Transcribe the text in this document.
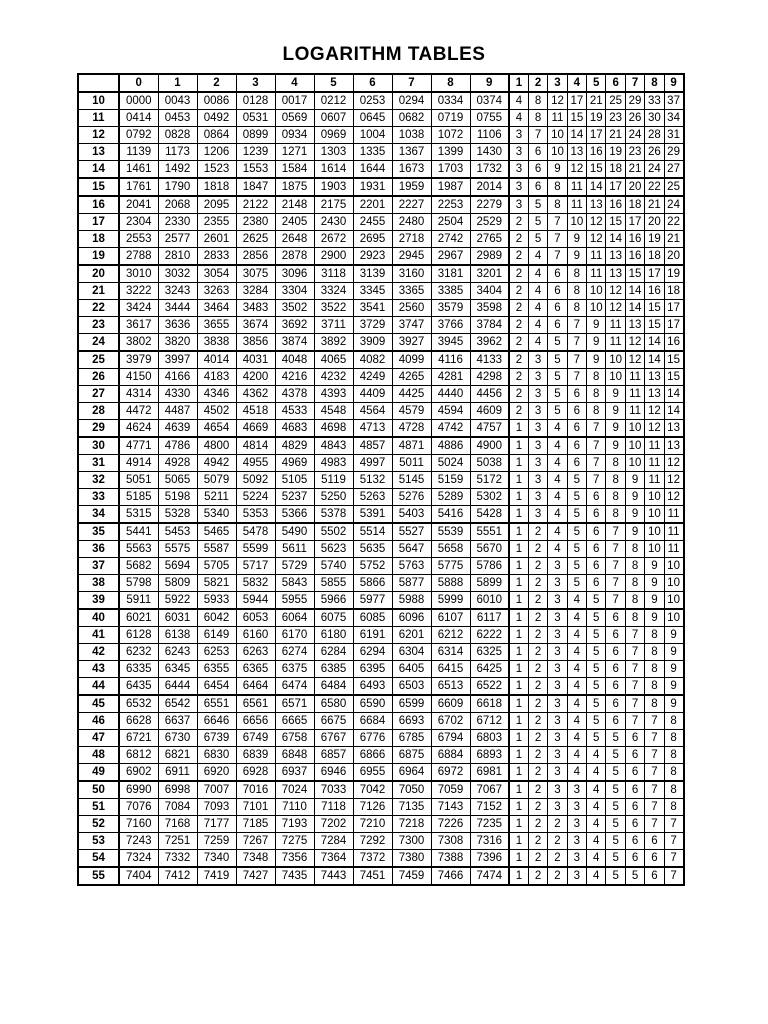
LOGARITHM TABLES
	0	1	2	3	4	5	6	7	8	9	1	2	3	4	5	6	7	8	9
10	0000	0043	0086	0128	0017	0212	0253	0294	0334	0374	4	8	12	17	21	25	29	33	37
11	0414	0453	0492	0531	0569	0607	0645	0682	0719	0755	4	8	11	15	19	23	26	30	34
12	0792	0828	0864	0899	0934	0969	1004	1038	1072	1106	3	7	10	14	17	21	24	28	31
13	1139	1173	1206	1239	1271	1303	1335	1367	1399	1430	3	6	10	13	16	19	23	26	29
14	1461	1492	1523	1553	1584	1614	1644	1673	1703	1732	3	6	9	12	15	18	21	24	27
15	1761	1790	1818	1847	1875	1903	1931	1959	1987	2014	3	6	8	11	14	17	20	22	25
16	2041	2068	2095	2122	2148	2175	2201	2227	2253	2279	3	5	8	11	13	16	18	21	24
17	2304	2330	2355	2380	2405	2430	2455	2480	2504	2529	2	5	7	10	12	15	17	20	22
18	2553	2577	2601	2625	2648	2672	2695	2718	2742	2765	2	5	7	9	12	14	16	19	21
19	2788	2810	2833	2856	2878	2900	2923	2945	2967	2989	2	4	7	9	11	13	16	18	20
20	3010	3032	3054	3075	3096	3118	3139	3160	3181	3201	2	4	6	8	11	13	15	17	19
21	3222	3243	3263	3284	3304	3324	3345	3365	3385	3404	2	4	6	8	10	12	14	16	18
22	3424	3444	3464	3483	3502	3522	3541	2560	3579	3598	2	4	6	8	10	12	14	15	17
23	3617	3636	3655	3674	3692	3711	3729	3747	3766	3784	2	4	6	7	9	11	13	15	17
24	3802	3820	3838	3856	3874	3892	3909	3927	3945	3962	2	4	5	7	9	11	12	14	16
25	3979	3997	4014	4031	4048	4065	4082	4099	4116	4133	2	3	5	7	9	10	12	14	15
26	4150	4166	4183	4200	4216	4232	4249	4265	4281	4298	2	3	5	7	8	10	11	13	15
27	4314	4330	4346	4362	4378	4393	4409	4425	4440	4456	2	3	5	6	8	9	11	13	14
28	4472	4487	4502	4518	4533	4548	4564	4579	4594	4609	2	3	5	6	8	9	11	12	14
29	4624	4639	4654	4669	4683	4698	4713	4728	4742	4757	1	3	4	6	7	9	10	12	13
30	4771	4786	4800	4814	4829	4843	4857	4871	4886	4900	1	3	4	6	7	9	10	11	13
31	4914	4928	4942	4955	4969	4983	4997	5011	5024	5038	1	3	4	6	7	8	10	11	12
32	5051	5065	5079	5092	5105	5119	5132	5145	5159	5172	1	3	4	5	7	8	9	11	12
33	5185	5198	5211	5224	5237	5250	5263	5276	5289	5302	1	3	4	5	6	8	9	10	12
34	5315	5328	5340	5353	5366	5378	5391	5403	5416	5428	1	3	4	5	6	8	9	10	11
35	5441	5453	5465	5478	5490	5502	5514	5527	5539	5551	1	2	4	5	6	7	9	10	11
36	5563	5575	5587	5599	5611	5623	5635	5647	5658	5670	1	2	4	5	6	7	8	10	11
37	5682	5694	5705	5717	5729	5740	5752	5763	5775	5786	1	2	3	5	6	7	8	9	10
38	5798	5809	5821	5832	5843	5855	5866	5877	5888	5899	1	2	3	5	6	7	8	9	10
39	5911	5922	5933	5944	5955	5966	5977	5988	5999	6010	1	2	3	4	5	7	8	9	10
40	6021	6031	6042	6053	6064	6075	6085	6096	6107	6117	1	2	3	4	5	6	8	9	10
41	6128	6138	6149	6160	6170	6180	6191	6201	6212	6222	1	2	3	4	5	6	7	8	9
42	6232	6243	6253	6263	6274	6284	6294	6304	6314	6325	1	2	3	4	5	6	7	8	9
43	6335	6345	6355	6365	6375	6385	6395	6405	6415	6425	1	2	3	4	5	6	7	8	9
44	6435	6444	6454	6464	6474	6484	6493	6503	6513	6522	1	2	3	4	5	6	7	8	9
45	6532	6542	6551	6561	6571	6580	6590	6599	6609	6618	1	2	3	4	5	6	7	8	9
46	6628	6637	6646	6656	6665	6675	6684	6693	6702	6712	1	2	3	4	5	6	7	7	8
47	6721	6730	6739	6749	6758	6767	6776	6785	6794	6803	1	2	3	4	5	5	6	7	8
48	6812	6821	6830	6839	6848	6857	6866	6875	6884	6893	1	2	3	4	4	5	6	7	8
49	6902	6911	6920	6928	6937	6946	6955	6964	6972	6981	1	2	3	4	4	5	6	7	8
50	6990	6998	7007	7016	7024	7033	7042	7050	7059	7067	1	2	3	3	4	5	6	7	8
51	7076	7084	7093	7101	7110	7118	7126	7135	7143	7152	1	2	3	3	4	5	6	7	8
52	7160	7168	7177	7185	7193	7202	7210	7218	7226	7235	1	2	2	3	4	5	6	7	7
53	7243	7251	7259	7267	7275	7284	7292	7300	7308	7316	1	2	2	3	4	5	6	6	7
54	7324	7332	7340	7348	7356	7364	7372	7380	7388	7396	1	2	2	3	4	5	6	6	7
55	7404	7412	7419	7427	7435	7443	7451	7459	7466	7474	1	2	2	3	4	5	5	6	7
